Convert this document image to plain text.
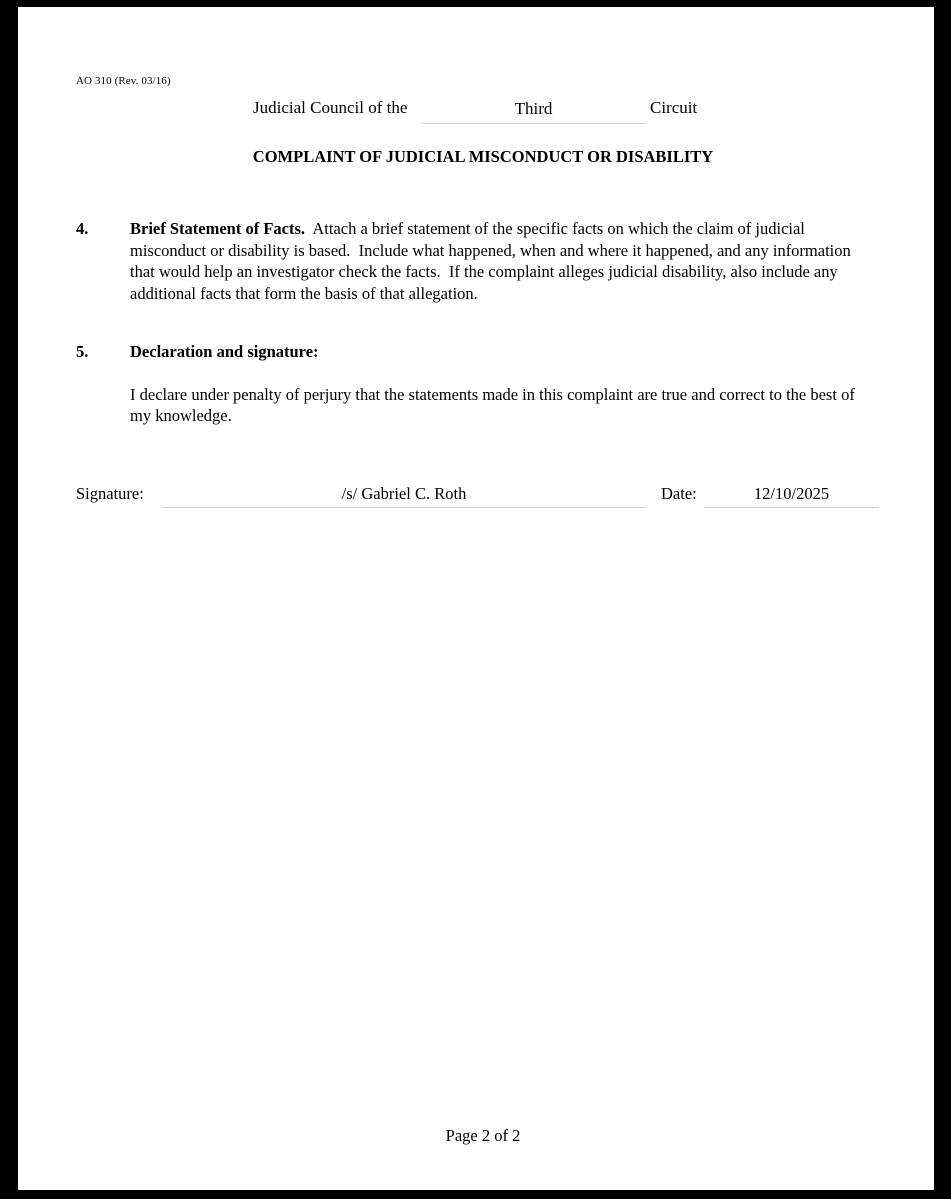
AO 310 (Rev. 03/16)
Judicial Council of the	Third	Circuit
COMPLAINT OF JUDICIAL MISCONDUCT OR DISABILITY
4.	Brief Statement of Facts.  Attach a brief statement of the specific facts on which the claim of judicial misconduct or disability is based.  Include what happened, when and where it happened, and any information that would help an investigator check the facts.  If the complaint alleges judicial disability, also include any additional facts that form the basis of that allegation.
5.	Declaration and signature:
I declare under penalty of perjury that the statements made in this complaint are true and correct to the best of my knowledge.
Signature:	/s/ Gabriel C. Roth	Date:	12/10/2025
Page 2 of 2
